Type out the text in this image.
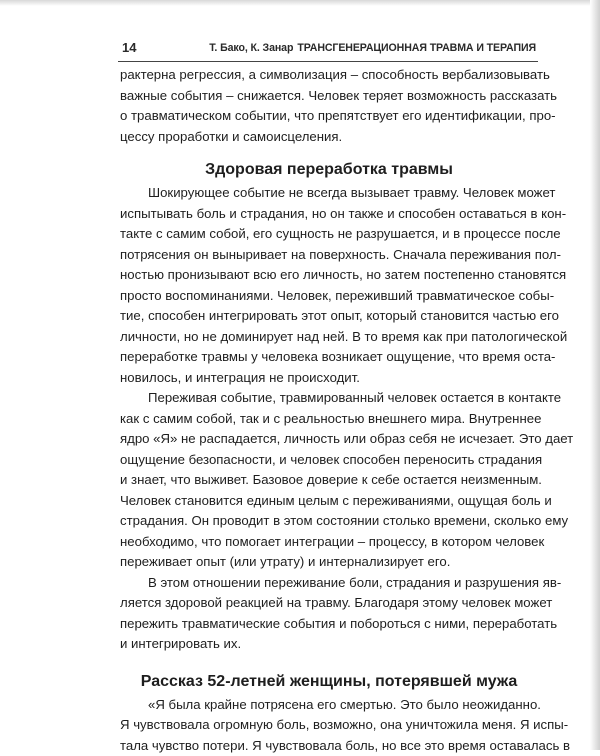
14	Т. Бако, К. Занар ТРАНСГЕНЕРАЦИОННАЯ ТРАВМА И ТЕРАПИЯ

рактерна регрессия, а символизация – способность вербализовывать
важные события – снижается. Человек теряет возможность рассказать
о травматическом событии, что препятствует его идентификации, про-
цессу проработки и самоисцеления.

Здоровая переработка травмы

Шокирующее событие не всегда вызывает травму. Человек может
испытывать боль и страдания, но он также и способен оставаться в кон-
такте с самим собой, его сущность не разрушается, и в процессе после
потрясения он выныривает на поверхность. Сначала переживания пол-
ностью пронизывают всю его личность, но затем постепенно становятся
просто воспоминаниями. Человек, переживший травматическое собы-
тие, способен интегрировать этот опыт, который становится частью его
личности, но не доминирует над ней. В то время как при патологической
переработке травмы у человека возникает ощущение, что время оста-
новилось, и интеграция не происходит.

Переживая событие, травмированный человек остается в контакте
как с самим собой, так и с реальностью внешнего мира. Внутреннее
ядро «Я» не распадается, личность или образ себя не исчезает. Это дает
ощущение безопасности, и человек способен переносить страдания
и знает, что выживет. Базовое доверие к себе остается неизменным.
Человек становится единым целым с переживаниями, ощущая боль и
страдания. Он проводит в этом состоянии столько времени, сколько ему
необходимо, что помогает интеграции – процессу, в котором человек
переживает опыт (или утрату) и интернализирует его.

В этом отношении переживание боли, страдания и разрушения яв-
ляется здоровой реакцией на травму. Благодаря этому человек может
пережить травматические события и побороться с ними, переработать
и интегрировать их.

Рассказ 52-летней женщины, потерявшей мужа

«Я была крайне потрясена его смертью. Это было неожиданно.
Я чувствовала огромную боль, возможно, она уничтожила меня. Я испы-
тала чувство потери. Я чувствовала боль, но все это время оставалась в
